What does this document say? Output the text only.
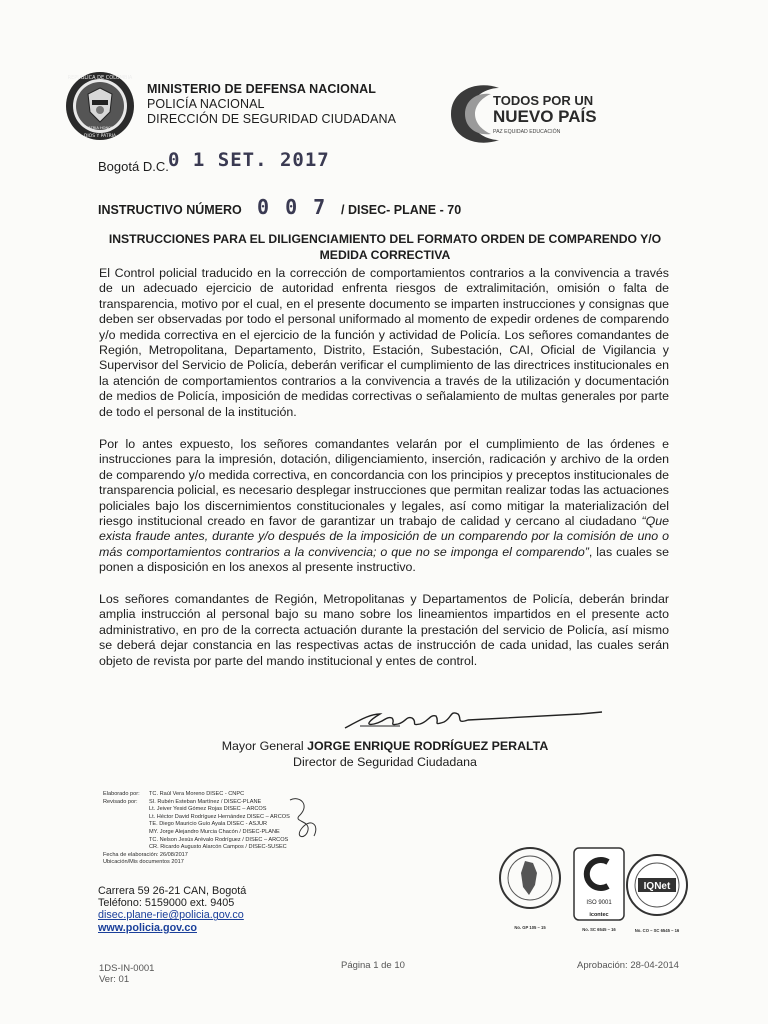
REPUBLICA DE COLOMBIA
DIOS Y PATRIA
PATRIA HONOR
MINISTERIO DE DEFENSA NACIONAL
POLICÍA NACIONAL
DIRECCIÓN DE SEGURIDAD CIUDADANA
TODOS POR UN
NUEVO PAÍS
PAZ EQUIDAD EDUCACIÓN
Bogotá D.C. 0 1 SET. 2017
INSTRUCTIVO NÚMERO 0 0 7 / DISEC- PLANE - 70
INSTRUCCIONES PARA EL DILIGENCIAMIENTO DEL FORMATO ORDEN DE COMPARENDO Y/O MEDIDA CORRECTIVA
El Control policial traducido en la corrección de comportamientos contrarios a la convivencia a través de un adecuado ejercicio de autoridad enfrenta riesgos de extralimitación, omisión o falta de transparencia, motivo por el cual, en el presente documento se imparten instrucciones y consignas que deben ser observadas por todo el personal uniformado al momento de expedir ordenes de comparendo y/o medida correctiva en el ejercicio de la función y actividad de Policía. Los señores comandantes de Región, Metropolitana, Departamento, Distrito, Estación, Subestación, CAI, Oficial de Vigilancia y Supervisor del Servicio de Policía, deberán verificar el cumplimiento de las directrices institucionales en la atención de comportamientos contrarios a la convivencia a través de la utilización y documentación de medios de Policía, imposición de medidas correctivas o señalamiento de multas generales por parte de todo el personal de la institución.
Por lo antes expuesto, los señores comandantes velarán por el cumplimiento de las órdenes e instrucciones para la impresión, dotación, diligenciamiento, inserción, radicación y archivo de la orden de comparendo y/o medida correctiva, en concordancia con los principios y preceptos institucionales de transparencia policial, es necesario desplegar instrucciones que permitan realizar todas las actuaciones policiales bajo los discernimientos constitucionales y legales, así como mitigar la materialización del riesgo institucional creado en favor de garantizar un trabajo de calidad y cercano al ciudadano “Que exista fraude antes, durante y/o después de la imposición de un comparendo por la comisión de uno o más comportamientos contrarios a la convivencia; o que no se imponga el comparendo”, las cuales se ponen a disposición en los anexos al presente instructivo.
Los señores comandantes de Región, Metropolitanas y Departamentos de Policía, deberán brindar amplia instrucción al personal bajo su mano sobre los lineamientos impartidos en el presente acto administrativo, en pro de la correcta actuación durante la prestación del servicio de Policía, así mismo se deberá dejar constancia en las respectivas actas de instrucción de cada unidad, las cuales serán objeto de revista por parte del mando institucional y entes de control.
Mayor General JORGE ENRIQUE RODRÍGUEZ PERALTA
Director de Seguridad Ciudadana
Elaborado por: TC. Raúl Vera Moreno DISEC - CNPC
Revisado por: SI. Rubén Esteban Martínez / DISEC-PLANE
Lt. Jeiver Yesid Gómez Rojas DISEC – ARCOS
Lt. Héctor David Rodríguez Hernández DISEC – ARCOS
TE. Diego Mauricio Guío Ayala DISEC - ASJUR
MY. Jorge Alejandro Murcia Chacón / DISEC-PLANE
TC. Nelson Jesús Arévalo Rodríguez / DISEC – ARCOS
CR. Ricardo Augusto Alarcón Campos / DISEC-SUSEC
Fecha de elaboración: 26/08/2017
Ubicación/Mis documentos 2017
Carrera 59 26-21 CAN, Bogotá
Teléfono: 5159000 ext. 9405
disec.plane-rie@policia.gov.co
www.policia.gov.co	No. GP 105 – 15
ISO 9001
icontec
No. SC 6545 – 16
IQNet
No. CO – SC 6545 – 16
1DS-IN-0001
Ver: 01
Página 1 de 10	Aprobación: 28-04-2014
